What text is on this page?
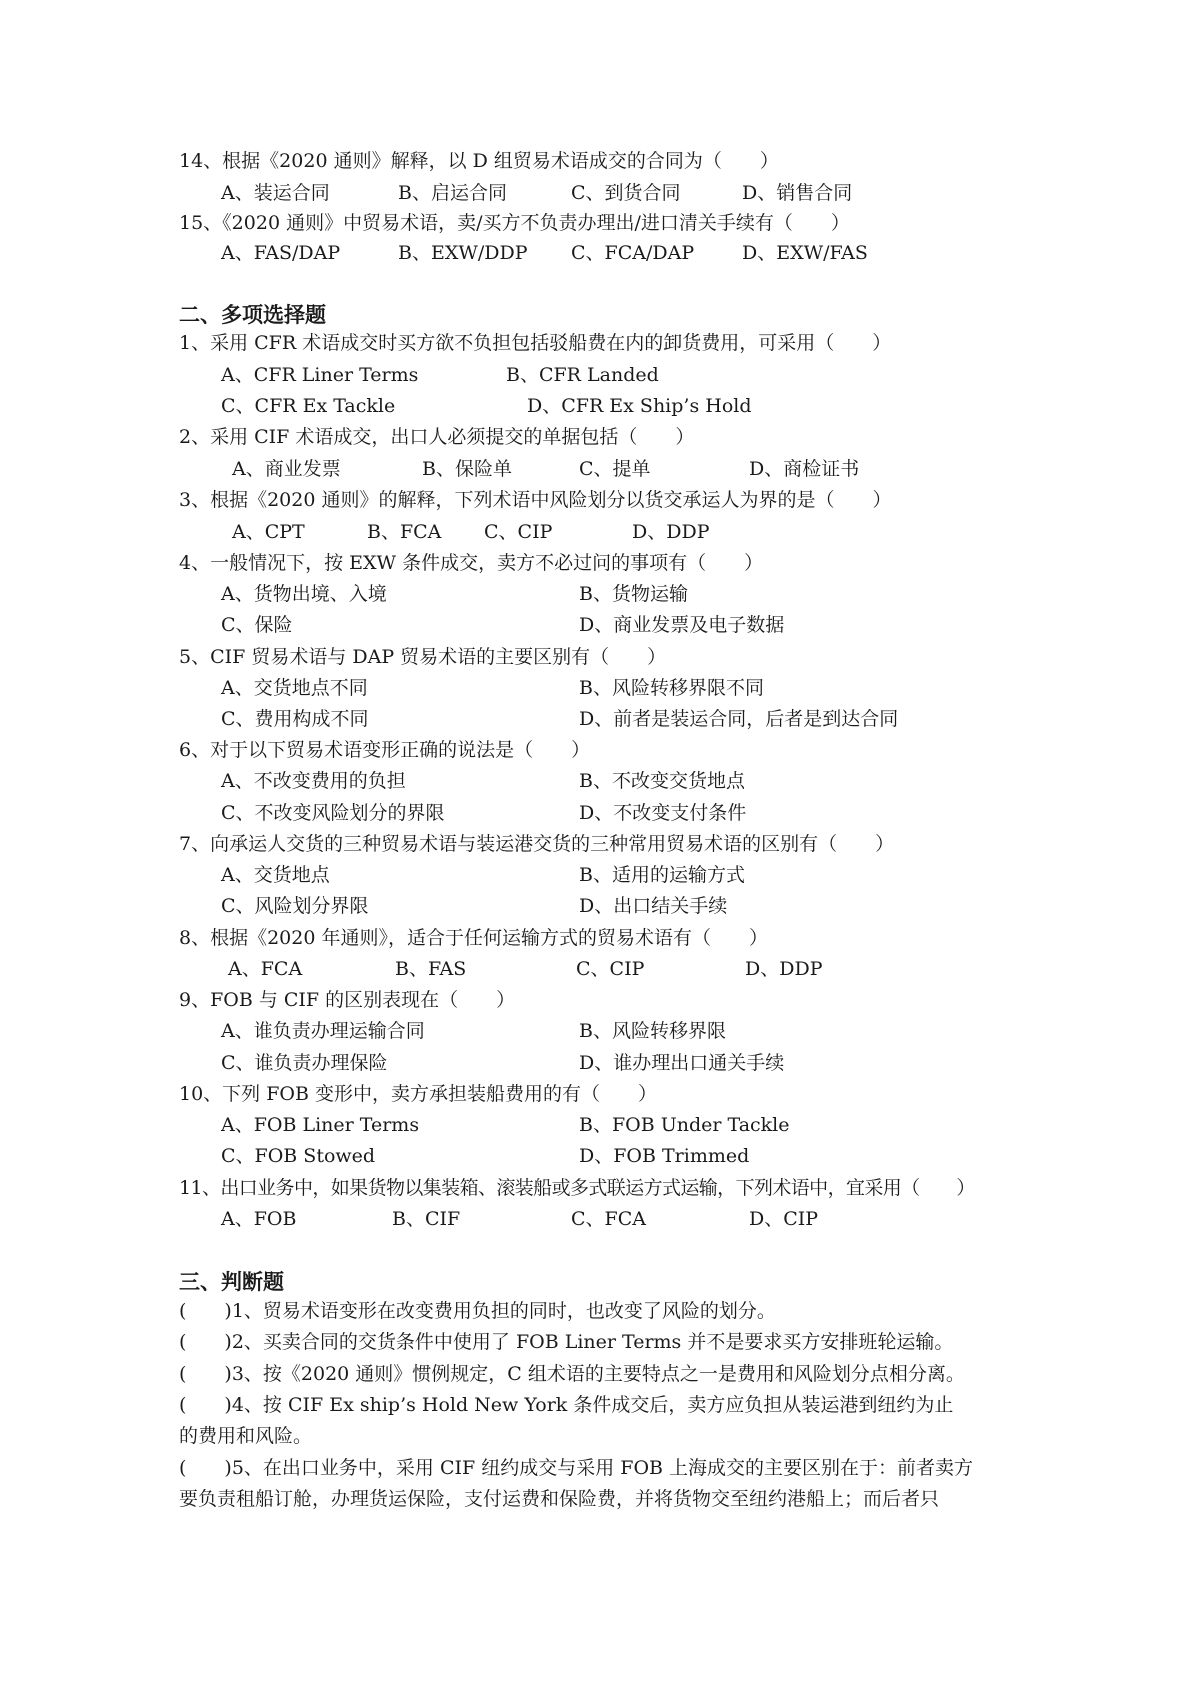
14、根据《2020 通则》解释，以 D 组贸易术语成交的合同为（　　）
A、装运合同	B、启运合同	C、到货合同	D、销售合同
15、《2020 通则》中贸易术语，卖/买方不负责办理出/进口清关手续有（　　）
A、FAS/DAP	B、EXW/DDP C、FCA/DAP	D、EXW/FAS
二、多项选择题
1、采用 CFR 术语成交时买方欲不负担包括驳船费在内的卸货费用，可采用（　　）
A、CFR Liner Terms	B、CFR Landed
C、CFR Ex Tackle	D、CFR Ex Ship’s Hold
2、采用 CIF 术语成交，出口人必须提交的单据包括（　　）
A、商业发票	B、保险单	C、提单	D、商检证书
3、根据《2020 通则》的解释，下列术语中风险划分以货交承运人为界的是（　　）
A、CPT	B、FCA C、CIP	D、DDP
4、一般情况下，按 EXW 条件成交，卖方不必过问的事项有（　　）
A、货物出境、入境	B、货物运输
C、保险	D、商业发票及电子数据
5、CIF 贸易术语与 DAP 贸易术语的主要区别有（　　）
A、交货地点不同	B、风险转移界限不同
C、费用构成不同	D、前者是装运合同，后者是到达合同
6、对于以下贸易术语变形正确的说法是（　　）
A、不改变费用的负担	B、不改变交货地点
C、不改变风险划分的界限	D、不改变支付条件
7、向承运人交货的三种贸易术语与装运港交货的三种常用贸易术语的区别有（　　）
A、交货地点	B、适用的运输方式
C、风险划分界限	D、出口结关手续
8、根据《2020 年通则》，适合于任何运输方式的贸易术语有（　　）
A、FCA	B、FAS	C、CIP	D、DDP
9、FOB 与 CIF 的区别表现在（　　）
A、谁负责办理运输合同	B、风险转移界限
C、谁负责办理保险	D、谁办理出口通关手续
10、下列 FOB 变形中，卖方承担装船费用的有（　　）
A、FOB Liner Terms	B、FOB Under Tackle
C、FOB Stowed	D、FOB Trimmed
11、出口业务中，如果货物以集装箱、滚装船或多式联运方式运输，下列术语中，宜采用（　　）
A、FOB	B、CIF	C、FCA	D、CIP
三、判断题
(　　)1、贸易术语变形在改变费用负担的同时，也改变了风险的划分。
(　　)2、买卖合同的交货条件中使用了 FOB Liner Terms 并不是要求买方安排班轮运输。
(　　)3、按《2020 通则》惯例规定，C 组术语的主要特点之一是费用和风险划分点相分离。
(　　)4、按 CIF Ex ship’s Hold New York 条件成交后，卖方应负担从装运港到纽约为止
的费用和风险。
(　　)5、在出口业务中，采用 CIF 纽约成交与采用 FOB 上海成交的主要区别在于：前者卖方
要负责租船订舱，办理货运保险，支付运费和保险费，并将货物交至纽约港船上；而后者只
